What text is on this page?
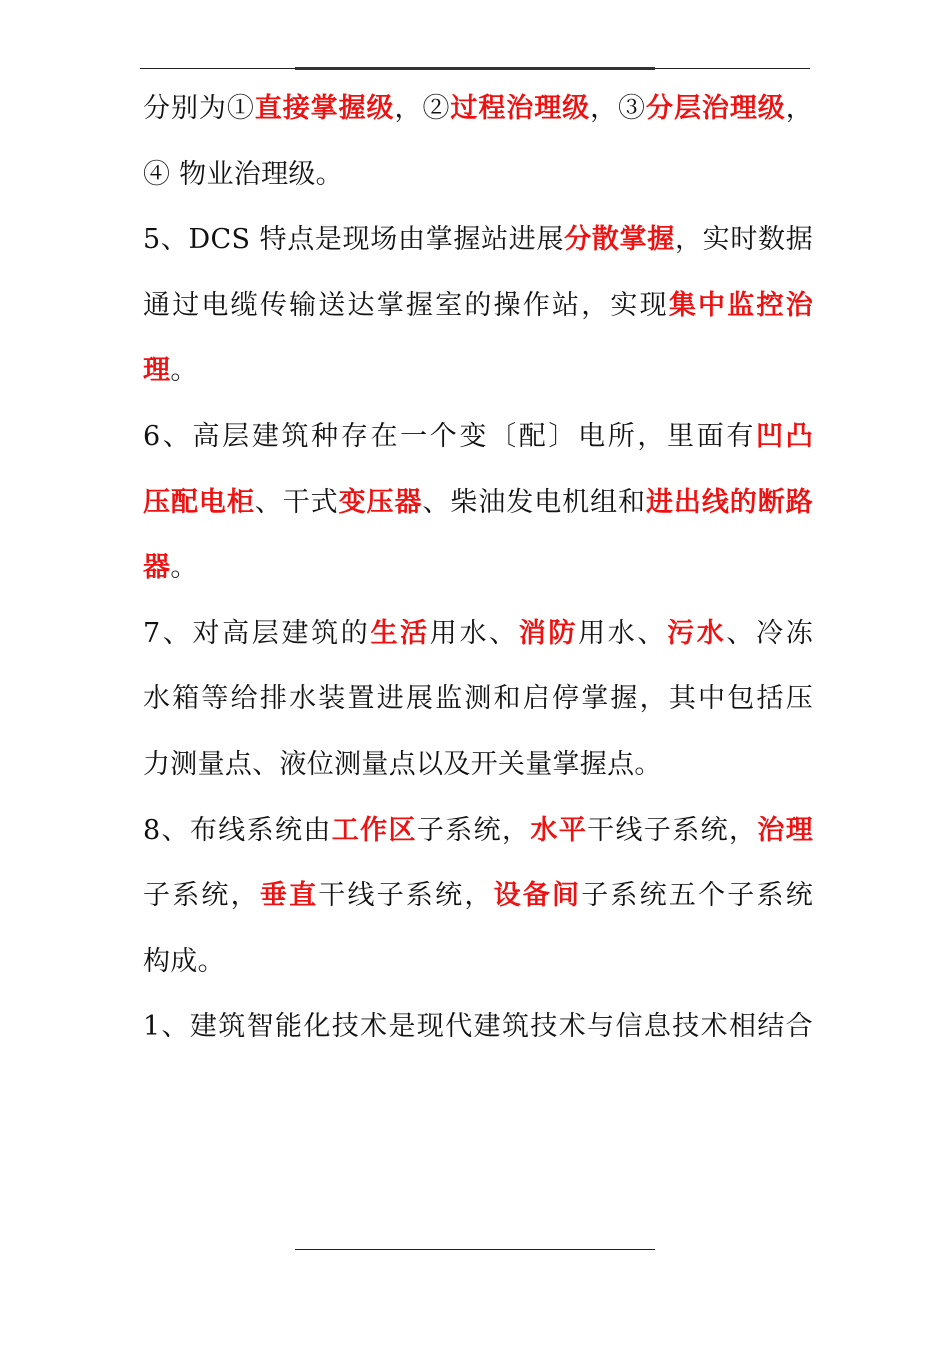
分别为①直接掌握级，②过程治理级，③分层治理级，
④ 物业治理级。
5、DCS 特点是现场由掌握站进展分散掌握，实时数据
通过电缆传输送达掌握室的操作站，实现集中监控治
理。
6、高层建筑种存在一个变〔配〕电所，里面有凹凸
压配电柜、干式变压器、柴油发电机组和进出线的断路
器。
7、对高层建筑的生活用水、消防用水、污水、冷冻
水箱等给排水装置进展监测和启停掌握，其中包括压
力测量点、液位测量点以及开关量掌握点。
8、布线系统由工作区子系统，水平干线子系统，治理
子系统，垂直干线子系统，设备间子系统五个子系统
构成。
1、建筑智能化技术是现代建筑技术与信息技术相结合
